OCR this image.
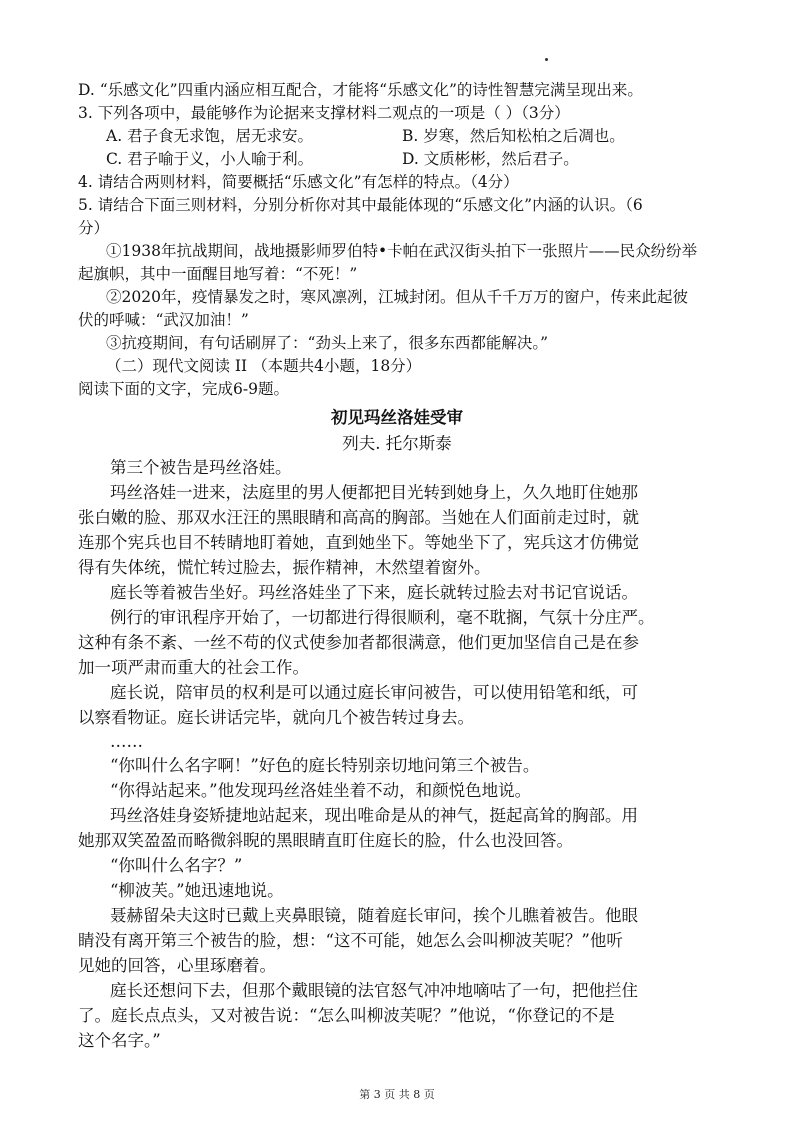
D. “乐感文化”四重内涵应相互配合，才能将“乐感文化”的诗性智慧完满呈现出来。
3. 下列各项中，最能够作为论据来支撑材料二观点的一项是（ ）（3分）
A. 君子食无求饱，居无求安。	B. 岁寒，然后知松柏之后凋也。
C. 君子喻于义，小人喻于利。	D. 文质彬彬，然后君子。
4. 请结合两则材料，简要概括“乐感文化”有怎样的特点。（4分）
5. 请结合下面三则材料，分别分析你对其中最能体现的“乐感文化”内涵的认识。（6
分）
①1938年抗战期间，战地摄影师罗伯特•卡帕在武汉街头拍下一张照片——民众纷纷举
起旗帜，其中一面醒目地写着：“不死！”
②2020年，疫情暴发之时，寒风凛冽，江城封闭。但从千千万万的窗户，传来此起彼
伏的呼喊：“武汉加油！”
③抗疫期间，有句话刷屏了：“劲头上来了，很多东西都能解决。”
（二）现代文阅读 II （本题共4小题，18分）
阅读下面的文字，完成6-9题。
初见玛丝洛娃受审
列夫. 托尔斯泰
第三个被告是玛丝洛娃。
玛丝洛娃一进来，法庭里的男人便都把目光转到她身上，久久地盯住她那
张白嫩的脸、那双水汪汪的黑眼睛和高高的胸部。当她在人们面前走过时，就
连那个宪兵也目不转睛地盯着她，直到她坐下。等她坐下了，宪兵这才仿佛觉
得有失体统，慌忙转过脸去，振作精神，木然望着窗外。
庭长等着被告坐好。玛丝洛娃坐了下来，庭长就转过脸去对书记官说话。
例行的审讯程序开始了，一切都进行得很顺利，毫不耽搁，气氛十分庄严。
这种有条不紊、一丝不苟的仪式使参加者都很满意，他们更加坚信自己是在参
加一项严肃而重大的社会工作。
庭长说，陪审员的权利是可以通过庭长审问被告，可以使用铅笔和纸，可
以察看物证。庭长讲话完毕，就向几个被告转过身去。
……
“你叫什么名字啊！”好色的庭长特别亲切地问第三个被告。
“你得站起来。”他发现玛丝洛娃坐着不动，和颜悦色地说。
玛丝洛娃身姿矫捷地站起来，现出唯命是从的神气，挺起高耸的胸部。用
她那双笑盈盈而略微斜睨的黑眼睛直盯住庭长的脸，什么也没回答。
“你叫什么名字？”
“柳波芙。”她迅速地说。
聂赫留朵夫这时已戴上夹鼻眼镜，随着庭长审问，挨个儿瞧着被告。他眼
睛没有离开第三个被告的脸，想：“这不可能，她怎么会叫柳波芙呢？”他听
见她的回答，心里琢磨着。
庭长还想问下去，但那个戴眼镜的法官怒气冲冲地嘀咕了一句，把他拦住
了。庭长点点头，又对被告说：“怎么叫柳波芙呢？”他说，“你登记的不是
这个名字。”
第 3 页 共 8 页
